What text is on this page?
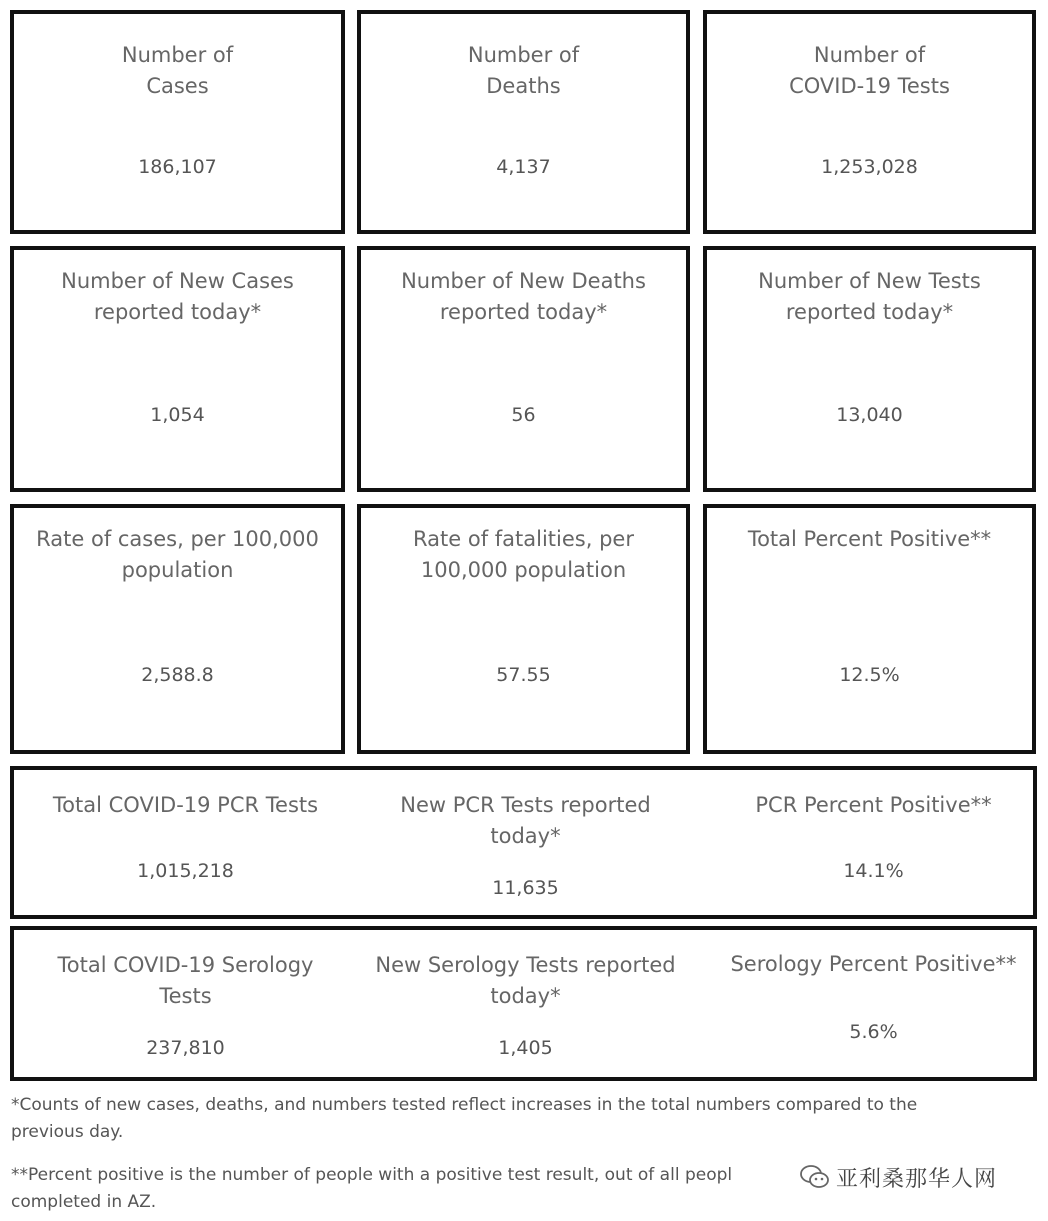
Number of
Cases
186,107
Number of
Deaths
4,137
Number of
COVID-19 Tests
1,253,028
Number of New Cases
reported today*
1,054
Number of New Deaths
reported today*
56
Number of New Tests
reported today*
13,040
Rate of cases, per 100,000
population
2,588.8
Rate of fatalities, per
100,000 population
57.55
Total Percent Positive**
12.5%
Total COVID-19 PCR Tests
1,015,218
New PCR Tests reported
today*
11,635
PCR Percent Positive**
14.1%
Total COVID-19 Serology
Tests
237,810
New Serology Tests reported
today*
1,405
Serology Percent Positive**
5.6%
*Counts of new cases, deaths, and numbers tested reflect increases in the total numbers compared to the
previous day.
**Percent positive is the number of people with a positive test result, out of all peopl
completed in AZ.
亚利桑那华人网
